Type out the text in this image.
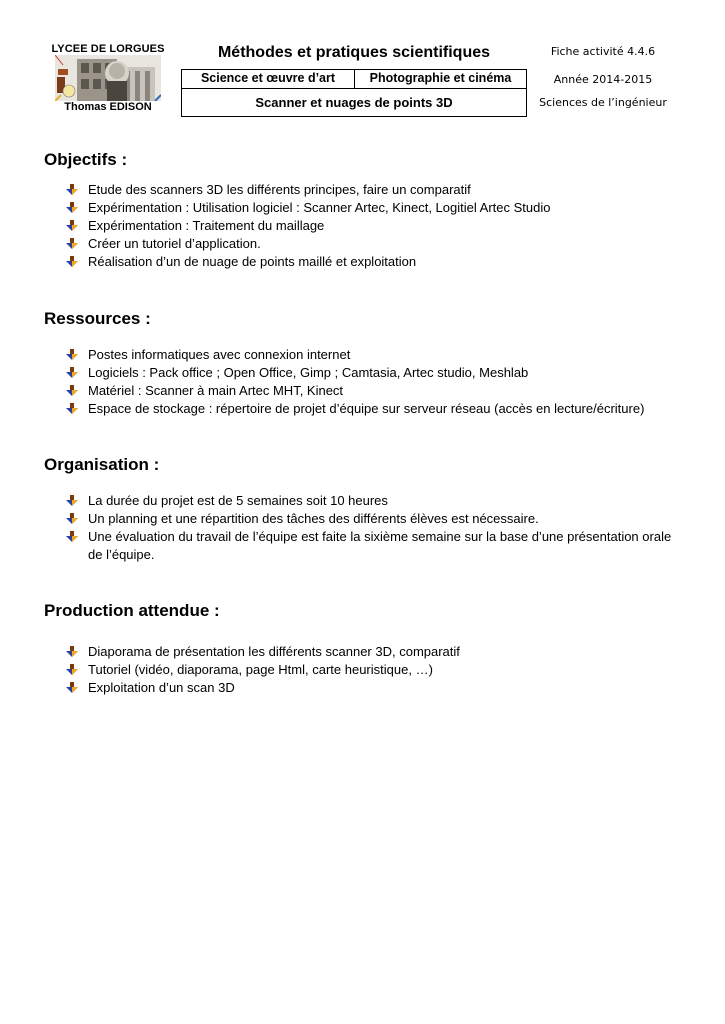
LYCEE DE LORGUES
Thomas EDISON
Méthodes et pratiques scientifiques
Science et œuvre d’art	Photographie et cinéma
Scanner et nuages de points 3D
Fiche activité 4.4.6
Année 2014-2015
Sciences de l’ingénieur
Objectifs :
Etude des scanners 3D les différents principes, faire un comparatif
Expérimentation : Utilisation logiciel : Scanner Artec, Kinect, Logitiel Artec Studio
Expérimentation : Traitement du maillage
Créer un tutoriel d’application.
Réalisation d’un de nuage de points maillé et exploitation
Ressources :
Postes informatiques avec connexion internet
Logiciels : Pack office ; Open Office, Gimp ; Camtasia, Artec studio, Meshlab
Matériel : Scanner à main Artec MHT, Kinect
Espace de stockage : répertoire de projet d’équipe sur serveur réseau (accès en lecture/écriture)
Organisation :
La durée du projet est de 5 semaines soit 10 heures
Un planning et une répartition des tâches des différents élèves est nécessaire.
Une évaluation du travail de l’équipe est faite la sixième semaine sur la base d’une présentation orale de l’équipe.
Production attendue :
Diaporama de présentation les différents scanner 3D, comparatif
Tutoriel (vidéo, diaporama, page Html, carte heuristique, …)
Exploitation d’un scan 3D
